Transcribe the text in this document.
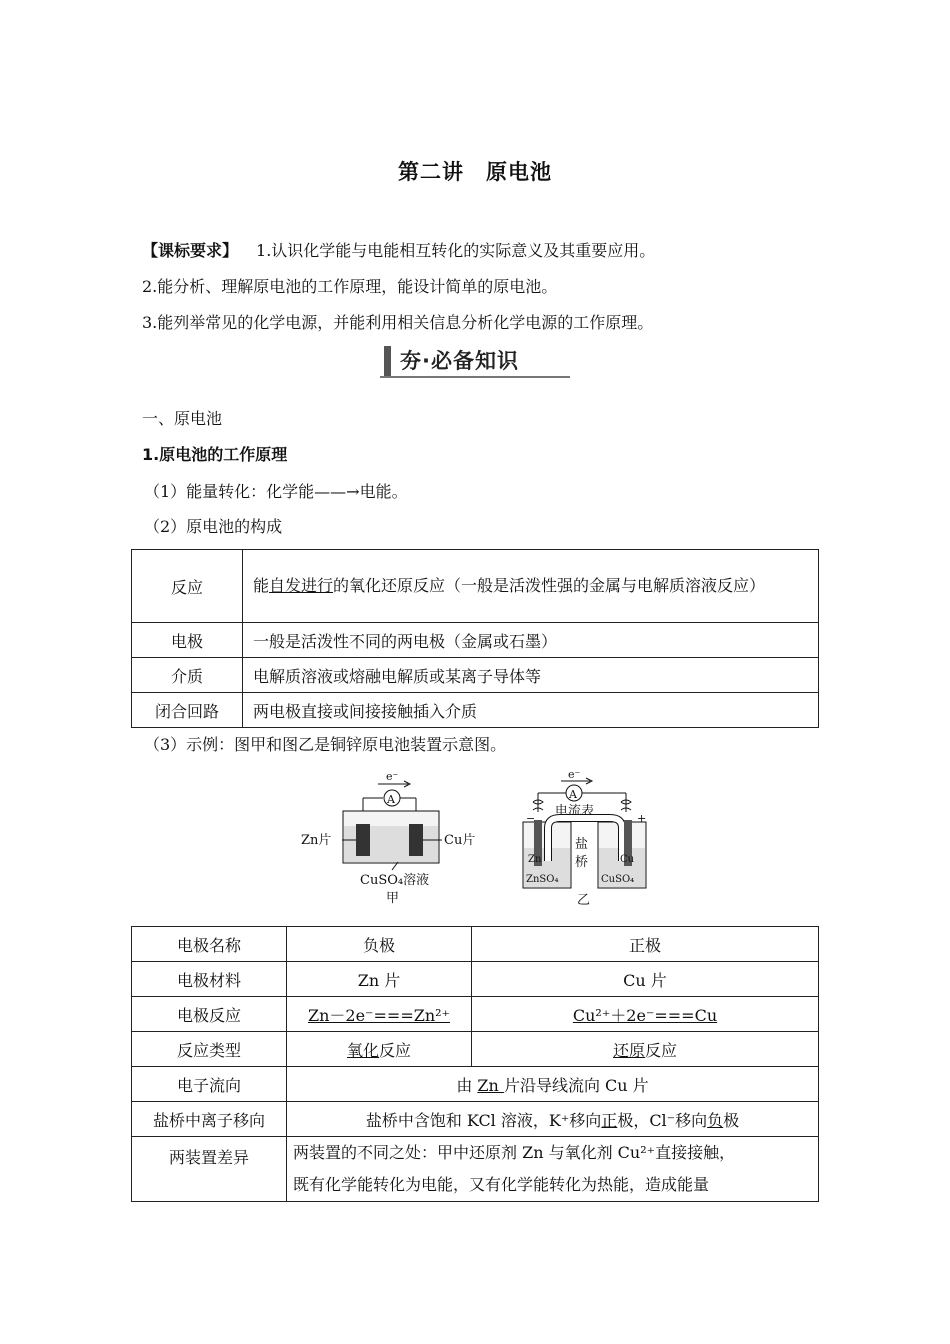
第二讲　原电池
【课标要求】 1.认识化学能与电能相互转化的实际意义及其重要应用。
2.能分析、理解原电池的工作原理，能设计简单的原电池。
3.能列举常见的化学电源，并能利用相关信息分析化学电源的工作原理。
夯·必备知识
一、原电池
1.原电池的工作原理
（1）能量转化：化学能——→电能。
（2）原电池的构成
反应	能自发进行的氧化还原反应（一般是活泼性强的金属与电解质溶液反应）
电极	一般是活泼性不同的两电极（金属或石墨）
介质	电解质溶液或熔融电解质或某离子导体等
闭合回路	两电极直接或间接接触插入介质
（3）示例：图甲和图乙是铜锌原电池装置示意图。
e⁻
A
Zn片	Cu片
CuSO₄溶液
甲
e⁻
A
电流表
盐
桥
Zn	Cu
ZnSO₄	CuSO₄
−	+
乙
电极名称	负极	正极
电极材料	Zn 片	Cu 片
电极反应	Zn－2e⁻===Zn²⁺	Cu²⁺＋2e⁻===Cu
反应类型	氧化反应	还原反应
电子流向	由 Zn 片沿导线流向 Cu 片	
盐桥中离子移向	盐桥中含饱和 KCl 溶液，K⁺移向正极，Cl⁻移向负极	
两装置差异	两装置的不同之处：甲中还原剂 Zn 与氧化剂 Cu²⁺直接接触，
既有化学能转化为电能，又有化学能转化为热能，造成能量	
